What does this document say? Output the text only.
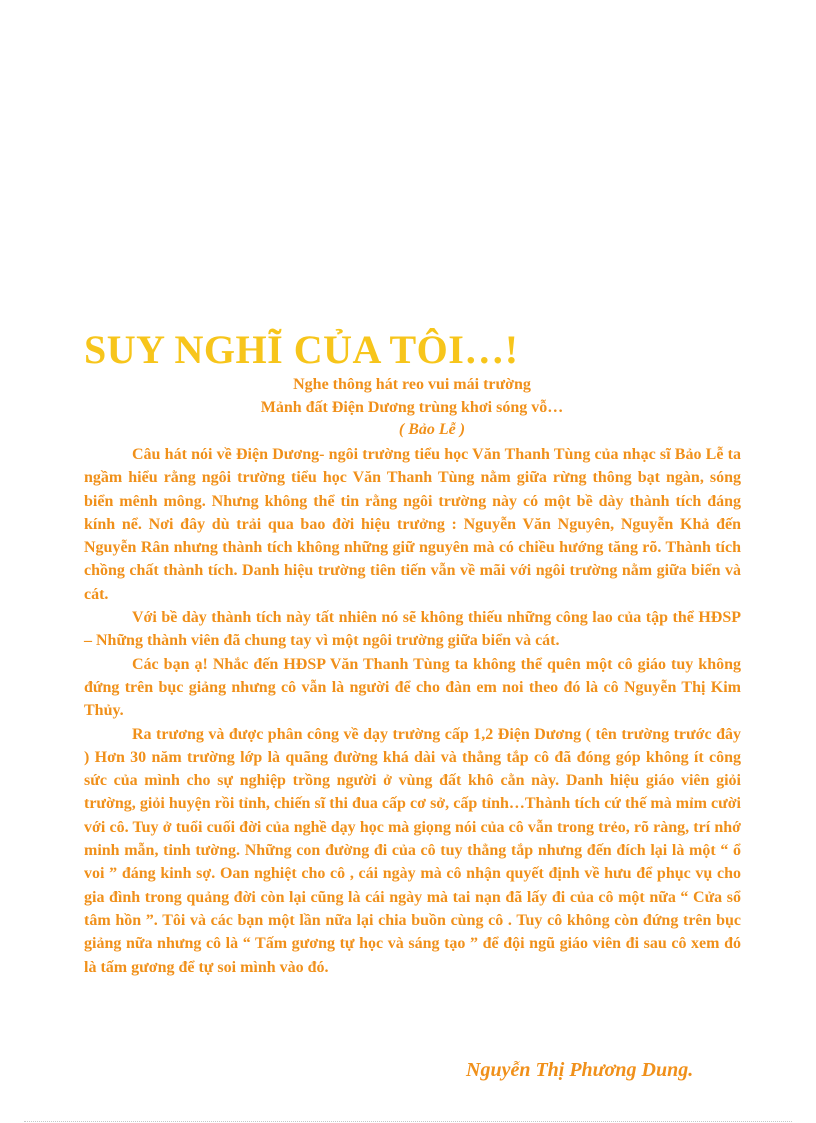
SUY NGHĨ CỦA TÔI…!
Nghe thông hát reo vui mái trường
Mảnh đất Điện Dương trùng khơi sóng vỗ…
( Bảo Lễ )

Câu hát nói về Điện Dương- ngôi trường tiểu học Văn Thanh Tùng của nhạc sĩ Bảo Lễ ta ngầm hiểu rằng ngôi trường tiểu học Văn Thanh Tùng nằm giữa rừng thông bạt ngàn, sóng biển mênh mông. Nhưng không thể tin rằng ngôi trường này có một bề dày thành tích đáng kính nể. Nơi đây dù trải qua bao đời hiệu trưởng : Nguyễn Văn Nguyên, Nguyễn Khả đến Nguyễn Rân nhưng thành tích không những giữ nguyên mà có chiều hướng tăng rõ. Thành tích chồng chất thành tích. Danh hiệu trường tiên tiến vẫn về mãi với ngôi trường nằm giữa biển và cát.

Với bề dày thành tích này tất nhiên nó sẽ không thiếu những công lao của tập thể HĐSP – Những thành viên đã chung tay vì một ngôi trường giữa biển và cát.

Các bạn ạ! Nhắc đến HĐSP Văn Thanh Tùng ta không thể quên một cô giáo tuy không đứng trên bục giảng nhưng cô vẫn là người để cho đàn em noi theo đó là cô Nguyễn Thị Kim Thủy.

Ra trương và được phân công về dạy trường cấp 1,2 Điện Dương ( tên trường trước đây ) Hơn 30 năm trường lớp là quãng đường khá dài và thẳng tắp cô đã đóng góp không ít công sức của mình cho sự nghiệp trồng người ở vùng đất khô cằn này. Danh hiệu giáo viên giỏi trường, giỏi huyện rồi tỉnh, chiến sĩ thi đua cấp cơ sở, cấp tỉnh…Thành tích cứ thế mà mỉm cười với cô. Tuy ở tuổi cuối đời của nghề dạy học mà giọng nói của cô vẫn trong trẻo, rõ ràng, trí nhớ minh mẫn, tinh tường. Những con đường đi của cô tuy thẳng tắp nhưng đến đích lại là một “ ổ voi ” đáng kinh sợ. Oan nghiệt cho cô , cái ngày mà cô nhận quyết định về hưu để phục vụ cho gia đình trong quảng đời còn lại cũng là cái ngày mà tai nạn đã lấy đi của cô một nữa “ Cửa sổ tâm hồn ”. Tôi và các bạn một lần nữa lại chia buồn cùng cô . Tuy cô không còn đứng trên bục giảng nữa nhưng cô là “ Tấm gương tự học và sáng tạo ” để đội ngũ giáo viên đi sau cô xem đó là tấm gương để tự soi mình vào đó.

Nguyễn Thị Phương Dung.
